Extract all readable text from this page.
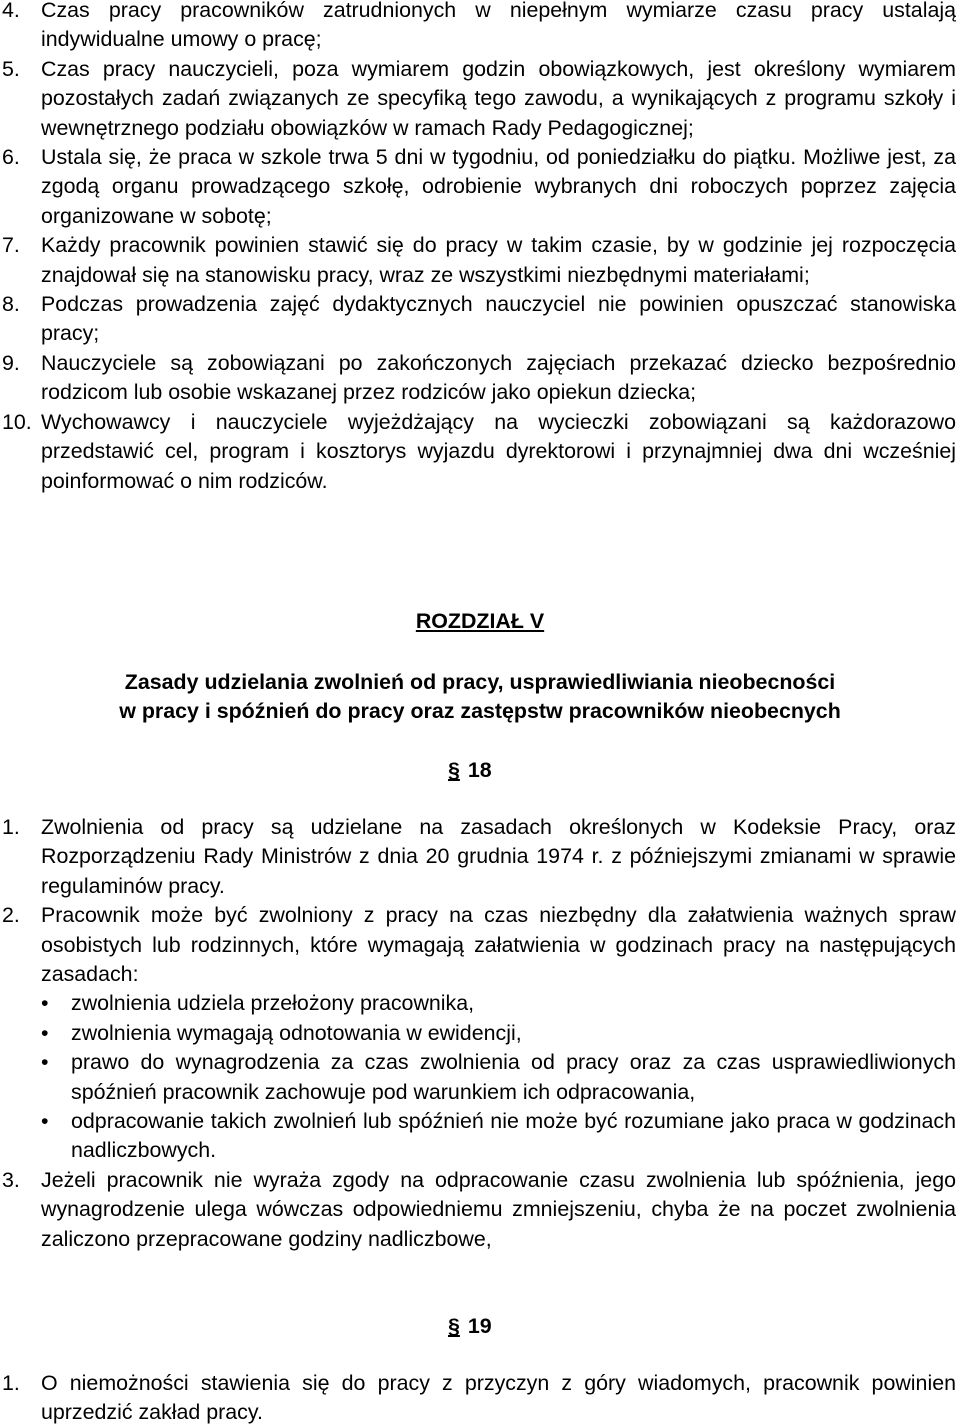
4. Czas pracy pracowników zatrudnionych w niepełnym wymiarze czasu pracy ustalają indywidualne umowy o pracę;
5. Czas pracy nauczycieli, poza wymiarem godzin obowiązkowych, jest określony wymiarem pozostałych zadań związanych ze specyfiką tego zawodu, a wynikających z programu szkoły i wewnętrznego podziału obowiązków w ramach Rady Pedagogicznej;
6. Ustala się, że praca w szkole trwa 5 dni w tygodniu, od poniedziałku do piątku. Możliwe jest, za zgodą organu prowadzącego szkołę, odrobienie wybranych dni roboczych poprzez zajęcia organizowane w sobotę;
7. Każdy pracownik powinien stawić się do pracy w takim czasie, by w godzinie jej rozpoczęcia znajdował się na stanowisku pracy, wraz ze wszystkimi niezbędnymi materiałami;
8. Podczas prowadzenia zajęć dydaktycznych nauczyciel nie powinien opuszczać stanowiska pracy;
9. Nauczyciele są zobowiązani po zakończonych zajęciach przekazać dziecko bezpośrednio rodzicom lub osobie wskazanej przez rodziców jako opiekun dziecka;
10. Wychowawcy i nauczyciele wyjeżdżający na wycieczki zobowiązani są każdorazowo przedstawić cel, program i kosztorys wyjazdu dyrektorowi i przynajmniej dwa dni wcześniej poinformować o nim rodziców.
ROZDZIAŁ V
Zasady udzielania zwolnień od pracy, usprawiedliwiania nieobecności
w pracy i spóźnień do pracy oraz zastępstw pracowników nieobecnych
§ 18
1. Zwolnienia od pracy są udzielane na zasadach określonych w Kodeksie Pracy, oraz Rozporządzeniu Rady Ministrów z dnia 20 grudnia 1974 r. z późniejszymi zmianami w sprawie regulaminów pracy.
2. Pracownik może być zwolniony z pracy na czas niezbędny dla załatwienia ważnych spraw osobistych lub rodzinnych, które wymagają załatwienia w godzinach pracy na następujących zasadach:
• zwolnienia udziela przełożony pracownika,
• zwolnienia wymagają odnotowania w ewidencji,
• prawo do wynagrodzenia za czas zwolnienia od pracy oraz za czas usprawiedliwionych spóźnień pracownik zachowuje pod warunkiem ich odpracowania,
• odpracowanie takich zwolnień lub spóźnień nie może być rozumiane jako praca w godzinach nadliczbowych.
3. Jeżeli pracownik nie wyraża zgody na odpracowanie czasu zwolnienia lub spóźnienia, jego wynagrodzenie ulega wówczas odpowiedniemu zmniejszeniu, chyba że na poczet zwolnienia zaliczono przepracowane godziny nadliczbowe,
§ 19
1. O niemożności stawienia się do pracy z przyczyn z góry wiadomych, pracownik powinien uprzedzić zakład pracy.
